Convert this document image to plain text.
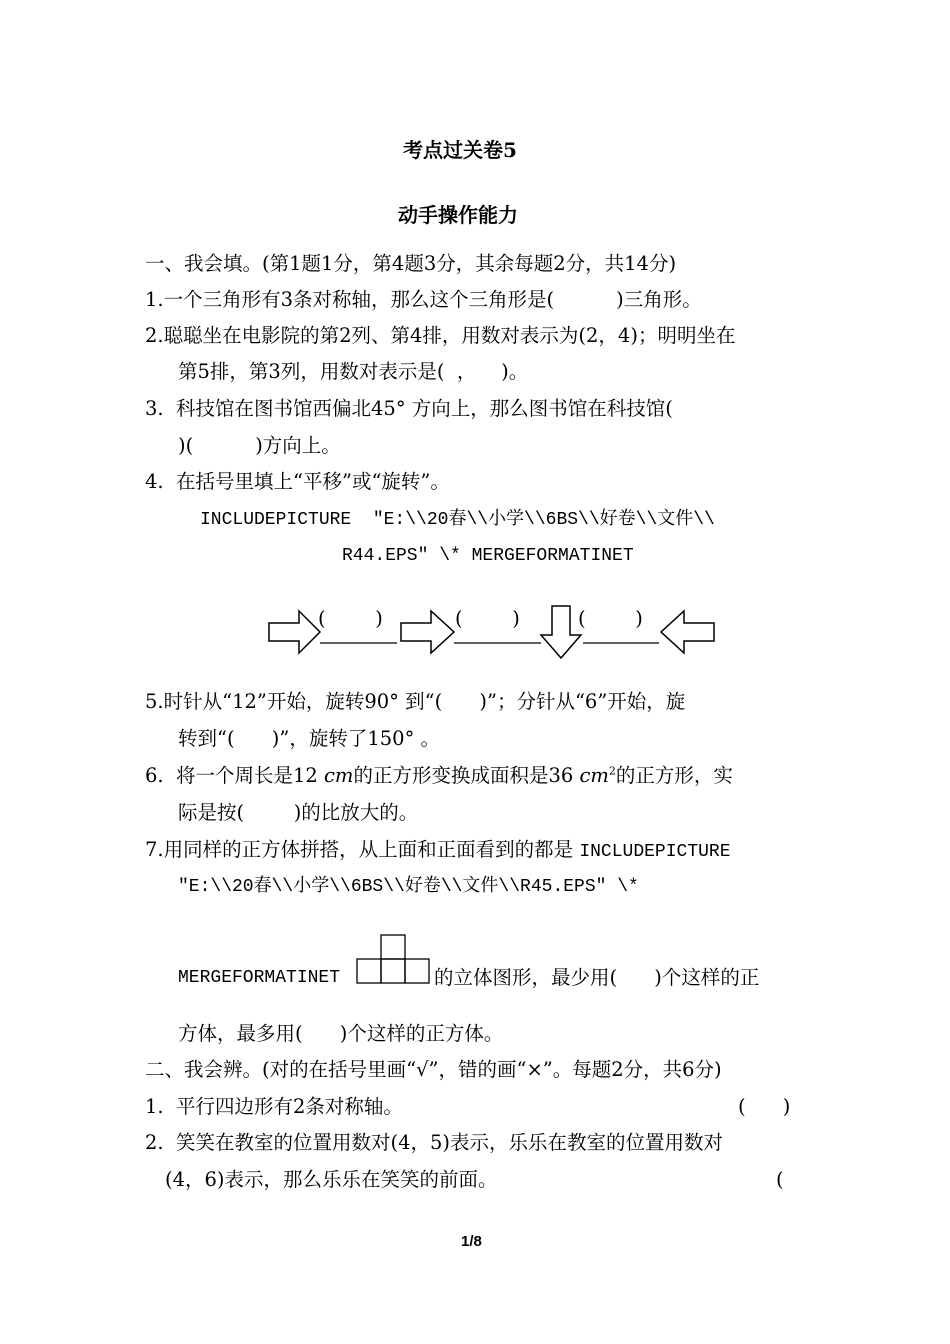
考点过关卷5
动手操作能力
一、我会填。(第1题1分，第4题3分，其余每题2分，共14分)
1.一个三角形有3条对称轴，那么这个三角形是(          )三角形。
2.聪聪坐在电影院的第2列、第4排，用数对表示为(2，4)；明明坐在
第5排，第3列，用数对表示是(  ，    )。
3.  科技馆在图书馆西偏北45° 方向上，那么图书馆在科技馆(
)(          )方向上。
4.  在括号里填上“平移”或“旋转”。
INCLUDEPICTURE  "E:\\20春\\小学\\6BS\\好卷\\文件\\
R44.EPS" \* MERGEFORMATINET
(        )	(        )	(        )
5.时针从“12”开始，旋转90° 到“(      )”；分针从“6”开始，旋
转到“(      )”，旋转了150° 。
6.  将一个周长是12 cm的正方形变换成面积是36 $cm^2$的正方形，实
际是按(        )的比放大的。
7.用同样的正方体拼搭，从上面和正面看到的都是 INCLUDEPICTURE
"E:\\20春\\小学\\6BS\\好卷\\文件\\R45.EPS" \*
MERGEFORMATINET	的立体图形，最少用(      )个这样的正
方体，最多用(      )个这样的正方体。
二、我会辨。(对的在括号里画“√”，错的画“×”。每题2分，共6分)
1.  平行四边形有2条对称轴。	(      )
2.  笑笑在教室的位置用数对(4，5)表示，乐乐在教室的位置用数对
(4，6)表示，那么乐乐在笑笑的前面。	(
1/8
